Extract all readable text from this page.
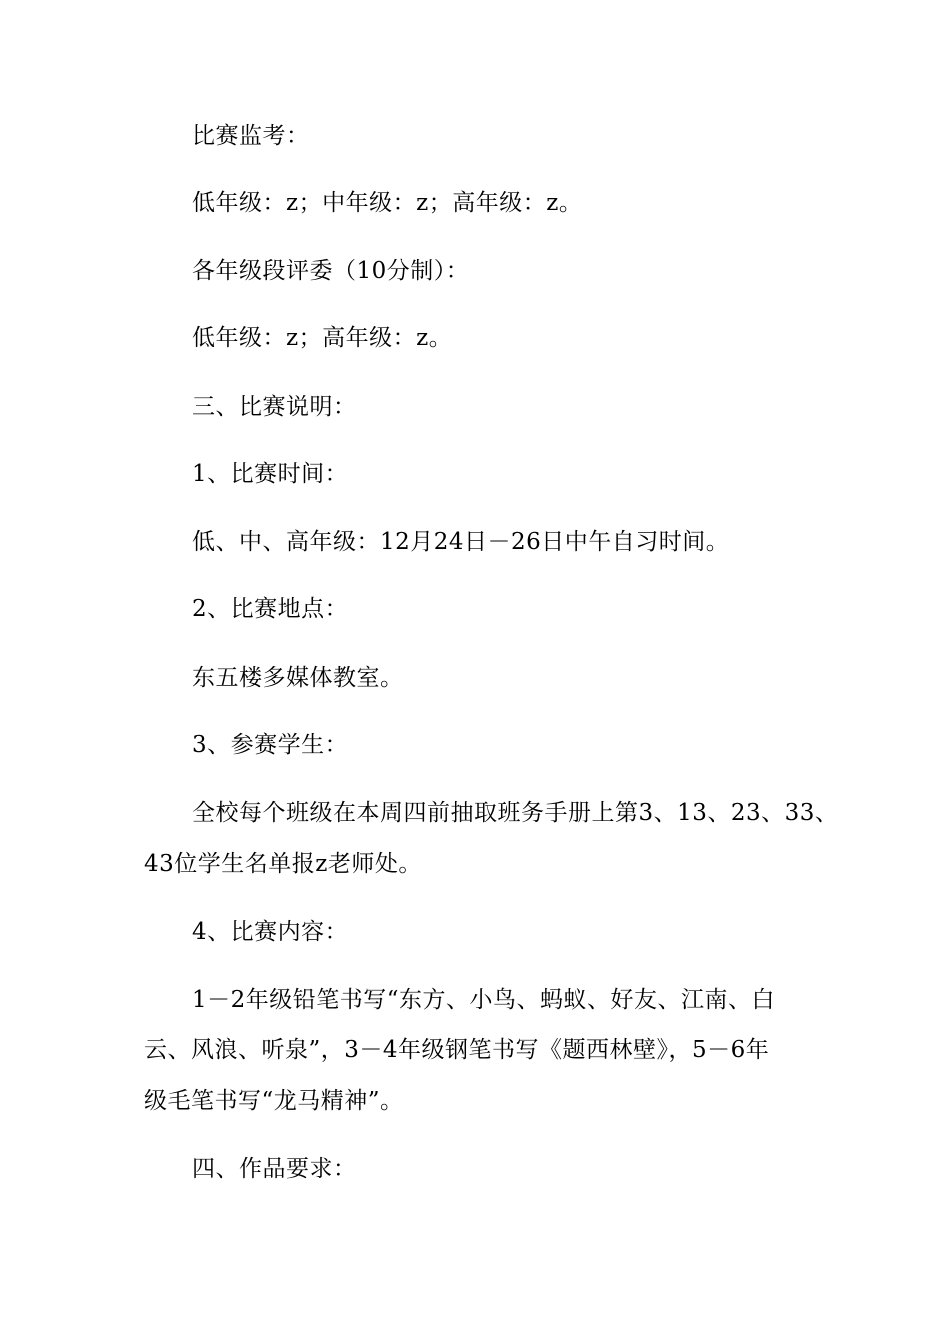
比赛监考：
低年级：z；中年级：z；高年级：z。
各年级段评委（10分制）：
低年级：z；高年级：z。
三、比赛说明：
1、比赛时间：
低、中、高年级：12月24日－26日中午自习时间。
2、比赛地点：
东五楼多媒体教室。
3、参赛学生：
全校每个班级在本周四前抽取班务手册上第3、13、23、33、
43位学生名单报z老师处。
4、比赛内容：
1－2年级铅笔书写“东方、小鸟、蚂蚁、好友、江南、白
云、风浪、听泉”，3－4年级钢笔书写《题西林壁》，5－6年
级毛笔书写“龙马精神”。
四、作品要求：
